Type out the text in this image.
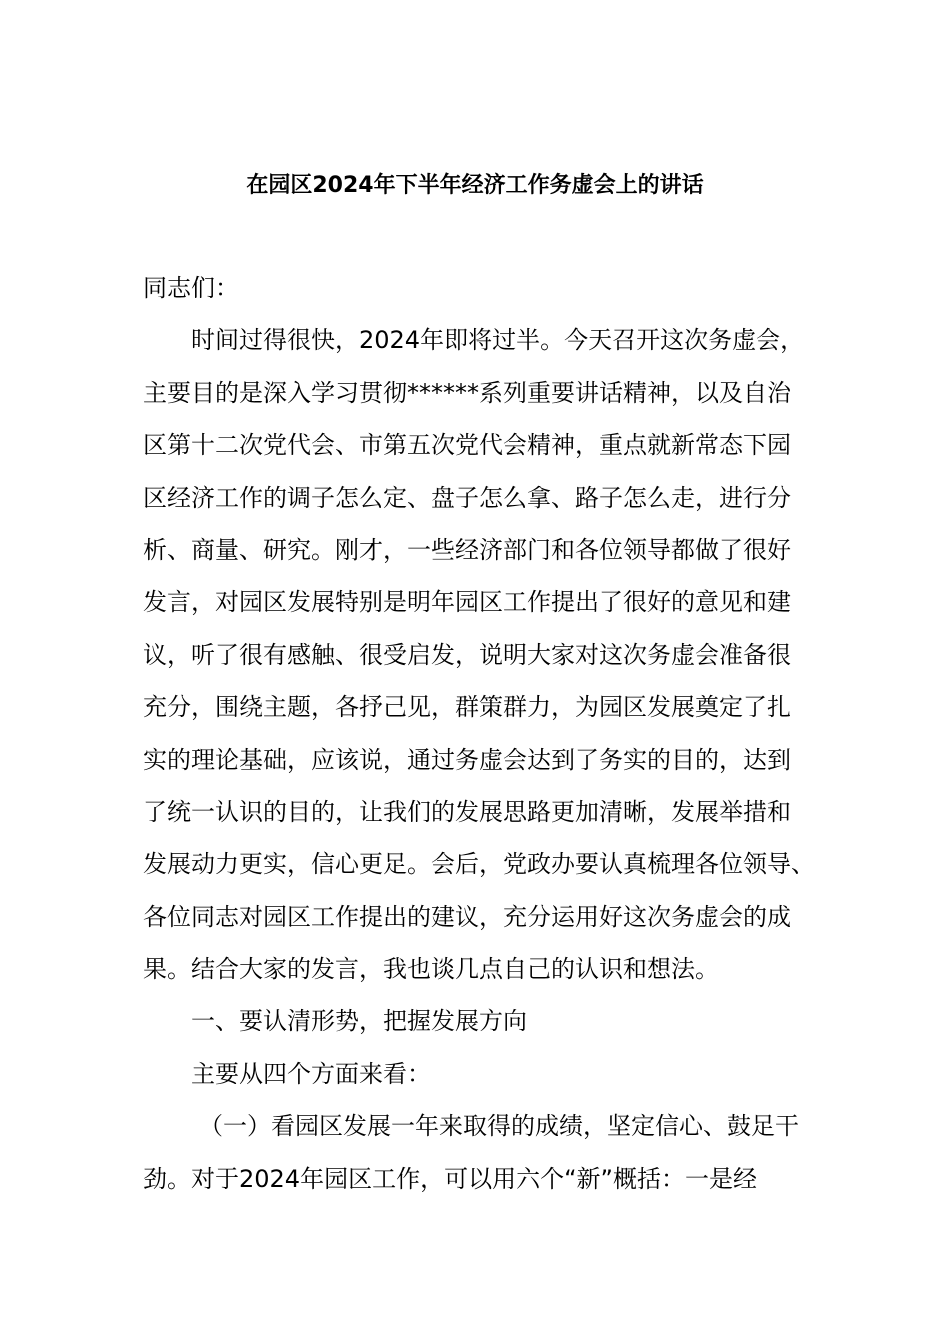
在园区2024年下半年经济工作务虚会上的讲话
同志们：
时间过得很快，2024年即将过半。今天召开这次务虚会，
主要目的是深入学习贯彻******系列重要讲话精神，以及自治
区第十二次党代会、市第五次党代会精神，重点就新常态下园
区经济工作的调子怎么定、盘子怎么拿、路子怎么走，进行分
析、商量、研究。刚才，一些经济部门和各位领导都做了很好
发言，对园区发展特别是明年园区工作提出了很好的意见和建
议，听了很有感触、很受启发，说明大家对这次务虚会准备很
充分，围绕主题，各抒己见，群策群力，为园区发展奠定了扎
实的理论基础，应该说，通过务虚会达到了务实的目的，达到
了统一认识的目的，让我们的发展思路更加清晰，发展举措和
发展动力更实，信心更足。会后，党政办要认真梳理各位领导、
各位同志对园区工作提出的建议，充分运用好这次务虚会的成
果。结合大家的发言，我也谈几点自己的认识和想法。
一、要认清形势，把握发展方向
主要从四个方面来看：
（一）看园区发展一年来取得的成绩，坚定信心、鼓足干
劲。对于2024年园区工作，可以用六个“新”概括：一是经
